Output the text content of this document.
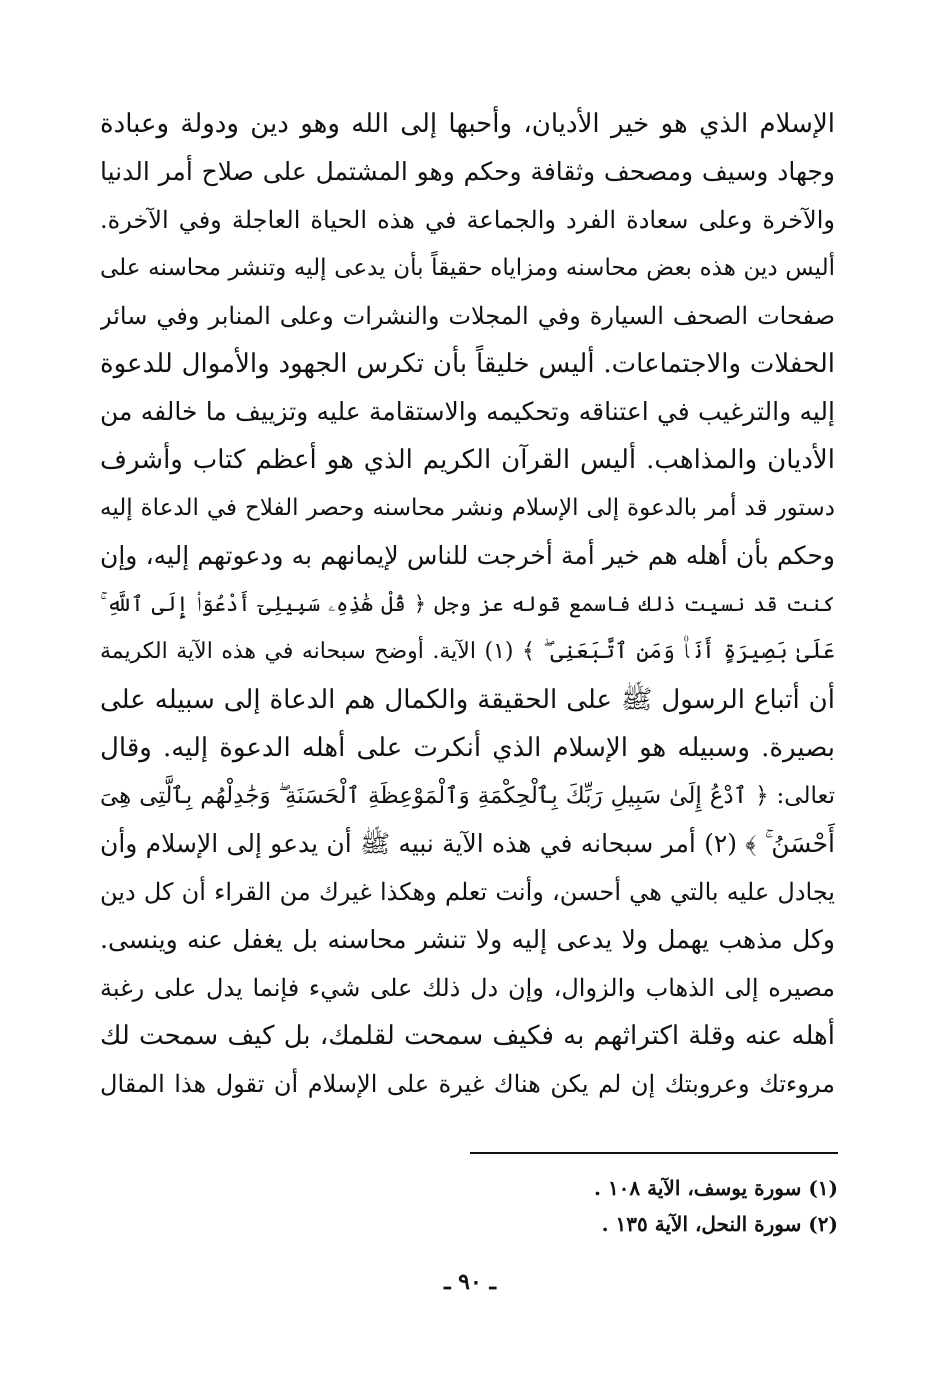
الإسلام الذي هو خير الأديان، وأحبها إلى الله وهو دين ودولة وعبادة
وجهاد وسيف ومصحف وثقافة وحكم وهو المشتمل على صلاح أمر الدنيا
والآخرة وعلى سعادة الفرد والجماعة في هذه الحياة العاجلة وفي الآخرة.
أليس دين هذه بعض محاسنه ومزاياه حقيقاً بأن يدعى إليه وتنشر محاسنه على
صفحات الصحف السيارة وفي المجلات والنشرات وعلى المنابر وفي سائر
الحفلات والاجتماعات. أليس خليقاً بأن تكرس الجهود والأموال للدعوة
إليه والترغيب في اعتناقه وتحكيمه والاستقامة عليه وتزييف ما خالفه من
الأديان والمذاهب. أليس القرآن الكريم الذي هو أعظم كتاب وأشرف
دستور قد أمر بالدعوة إلى الإسلام ونشر محاسنه وحصر الفلاح في الدعاة إليه
وحكم بأن أهله هم خير أمة أخرجت للناس لإيمانهم به ودعوتهم إليه، وإن
كنت قد نسيت ذلك فاسمع قوله عز وجل ﴿ قُلْ هَٰذِهِۦ سَبِيلِىٓ أَدْعُوٓا۟ إِلَى ٱللَّهِ ۚ
عَلَىٰ بَصِيرَةٍ أَنَا۠ وَمَنِ ٱتَّبَعَنِى ۖ ﴾ (١) الآية. أوضح سبحانه في هذه الآية الكريمة
أن أتباع الرسول ﷺ على الحقيقة والكمال هم الدعاة إلى سبيله على
بصيرة. وسبيله هو الإسلام الذي أنكرت على أهله الدعوة إليه. وقال
تعالى: ﴿ ٱدْعُ إِلَىٰ سَبِيلِ رَبِّكَ بِٱلْحِكْمَةِ وَٱلْمَوْعِظَةِ ٱلْحَسَنَةِ ۖ وَجَٰدِلْهُم بِٱلَّتِى هِىَ
أَحْسَنُ ۚ ﴾ (٢) أمر سبحانه في هذه الآية نبيه ﷺ أن يدعو إلى الإسلام وأن
يجادل عليه بالتي هي أحسن، وأنت تعلم وهكذا غيرك من القراء أن كل دين
وكل مذهب يهمل ولا يدعى إليه ولا تنشر محاسنه بل يغفل عنه وينسى.
مصيره إلى الذهاب والزوال، وإن دل ذلك على شيء فإنما يدل على رغبة
أهله عنه وقلة اكتراثهم به فكيف سمحت لقلمك، بل كيف سمحت لك
مروءتك وعروبتك إن لم يكن هناك غيرة على الإسلام أن تقول هذا المقال
(١) سورة يوسف، الآية ١٠٨ .
(٢) سورة النحل، الآية ١٣٥ .
ـ ٩٠ ـ
